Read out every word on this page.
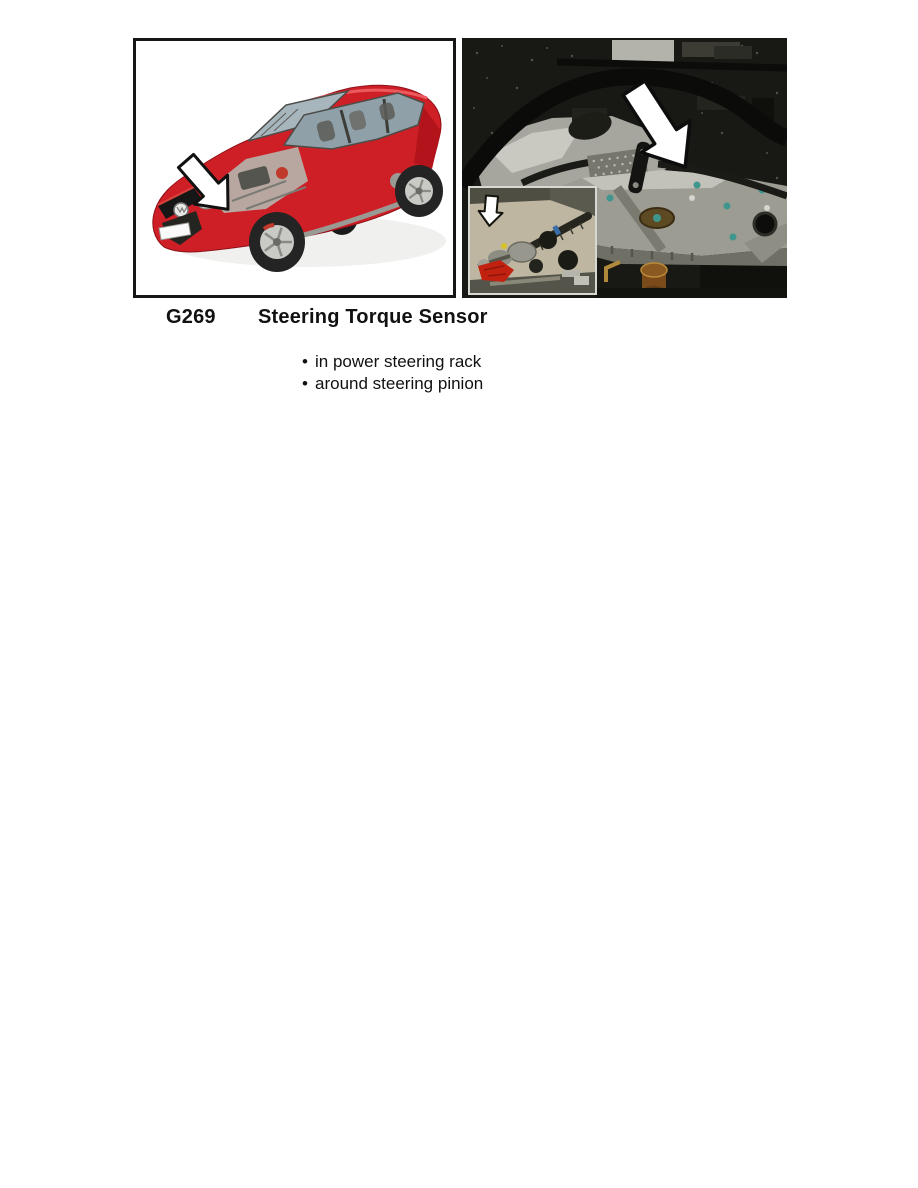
G269 Steering Torque Sensor
• in power steering rack
• around steering pinion
